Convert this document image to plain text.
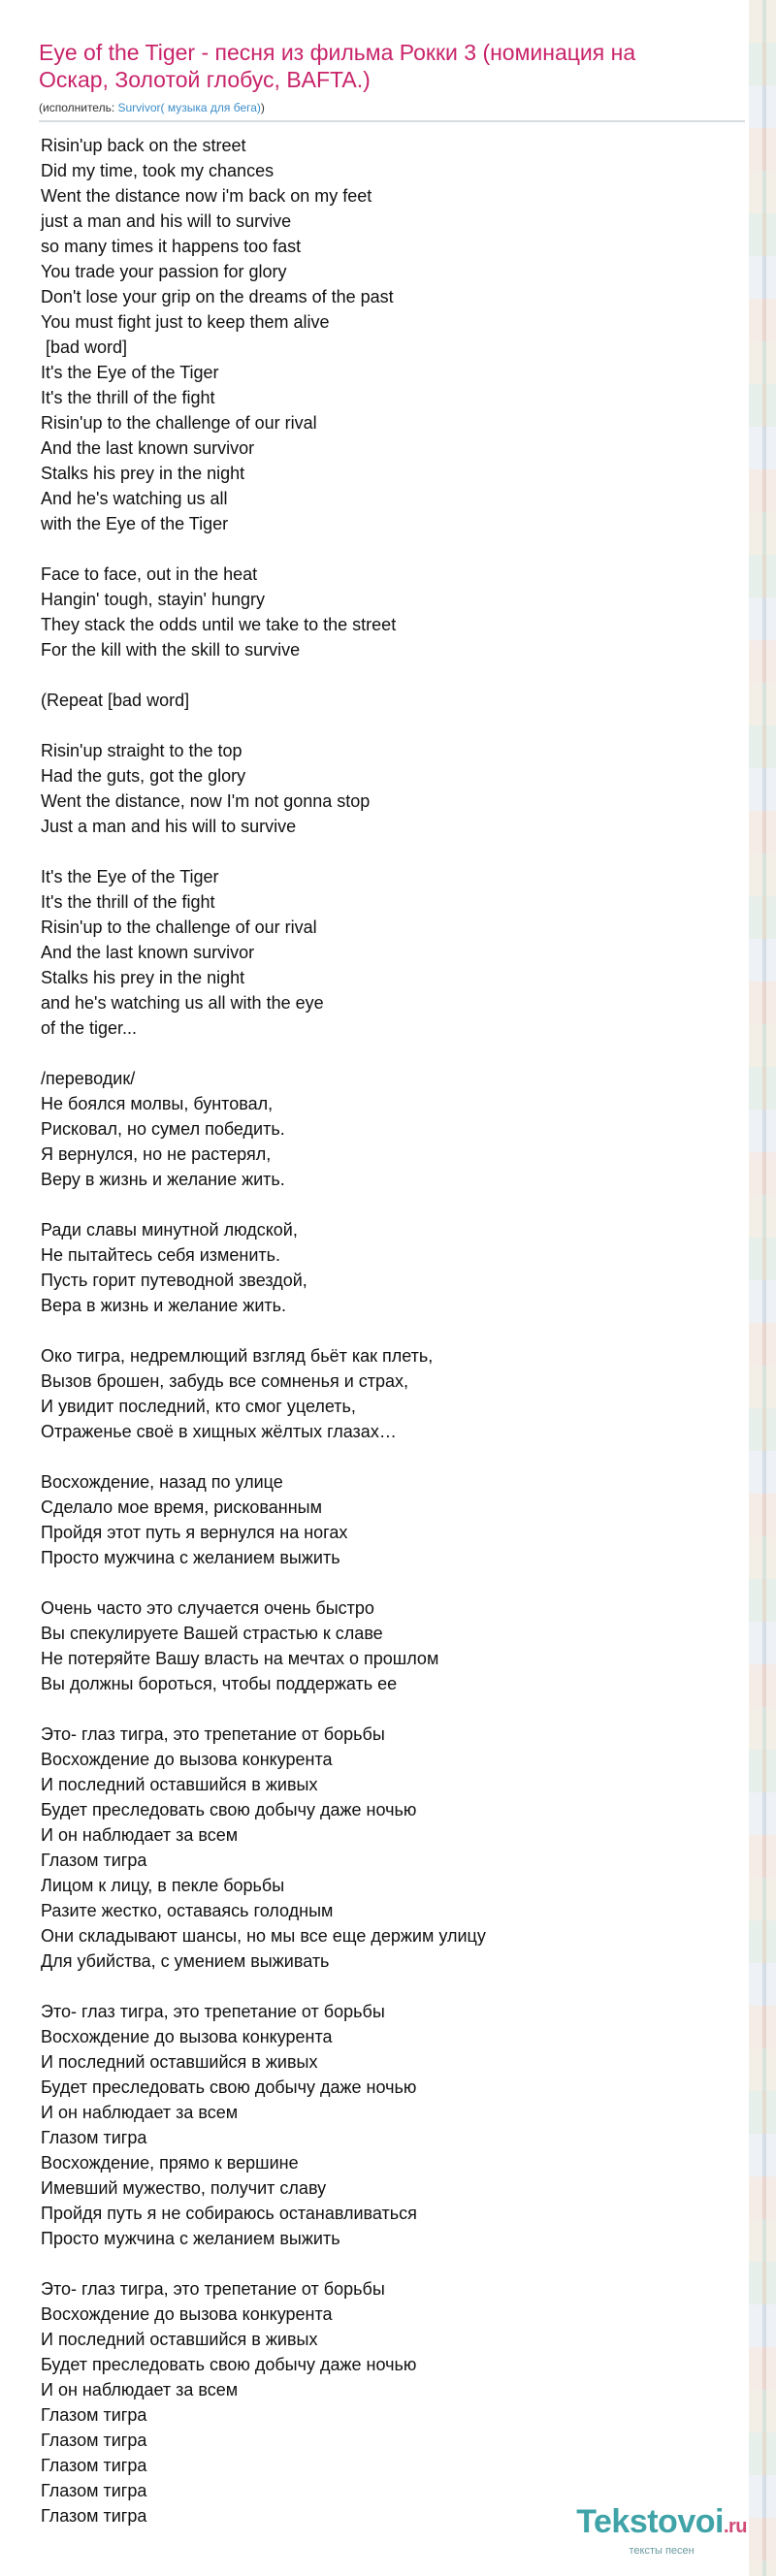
Eye of the Tiger - песня из фильма Рокки 3 (номинация на Оскар, Золотой глобус, BAFTA.)
(исполнитель: Survivor( музыка для бега))
Risin'up back on the street
Did my time, took my chances
Went the distance now i'm back on my feet
just a man and his will to survive
so many times it happens too fast
You trade your passion for glory
Don't lose your grip on the dreams of the past
You must fight just to keep them alive
[bad word]
It's the Eye of the Tiger
It's the thrill of the fight
Risin'up to the challenge of our rival
And the last known survivor
Stalks his prey in the night
And he's watching us all
with the Eye of the Tiger

Face to face, out in the heat
Hangin' tough, stayin' hungry
They stack the odds until we take to the street
For the kill with the skill to survive

(Repeat [bad word]

Risin'up straight to the top
Had the guts, got the glory
Went the distance, now I'm not gonna stop
Just a man and his will to survive

It's the Eye of the Tiger
It's the thrill of the fight
Risin'up to the challenge of our rival
And the last known survivor
Stalks his prey in the night
and he's watching us all with the eye
of the tiger...

/переводик/
Не боялся молвы, бунтовал,
Рисковал, но сумел победить.
Я вернулся, но не растерял,
Веру в жизнь и желание жить.

Ради славы минутной людской,
Не пытайтесь себя изменить.
Пусть горит путеводной звездой,
Вера в жизнь и желание жить.

Око тигра, недремлющий взгляд бьёт как плеть,
Вызов брошен, забудь все сомненья и страх,
И увидит последний, кто смог уцелеть,
Отраженье своё в хищных жёлтых глазах…

Восхождение, назад по улице
Сделало мое время, рискованным
Пройдя этот путь я вернулся на ногах
Просто мужчина с желанием выжить

Очень часто это случается очень быстро
Вы спекулируете Вашей страстью к славе
Не потеряйте Вашу власть на мечтах о прошлом
Вы должны бороться, чтобы поддержать ее

Это- глаз тигра, это трепетание от борьбы
Восхождение до вызова конкурента
И последний оставшийся в живых
Будет преследовать свою добычу даже ночью
И он наблюдает за всем
Глазом тигра
Лицом к лицу, в пекле борьбы
Разите жестко, оставаясь голодным
Они складывают шансы, но мы все еще держим улицу
Для убийства, с умением выживать

Это- глаз тигра, это трепетание от борьбы
Восхождение до вызова конкурента
И последний оставшийся в живых
Будет преследовать свою добычу даже ночью
И он наблюдает за всем
Глазом тигра
Восхождение, прямо к вершине
Имевший мужество, получит славу
Пройдя путь я не собираюсь останавливаться
Просто мужчина с желанием выжить

Это- глаз тигра, это трепетание от борьбы
Восхождение до вызова конкурента
И последний оставшийся в живых
Будет преследовать свою добычу даже ночью
И он наблюдает за всем
Глазом тигра
Глазом тигра
Глазом тигра
Глазом тигра
Глазом тигра	Tekstovoi.ru
тексты песен
